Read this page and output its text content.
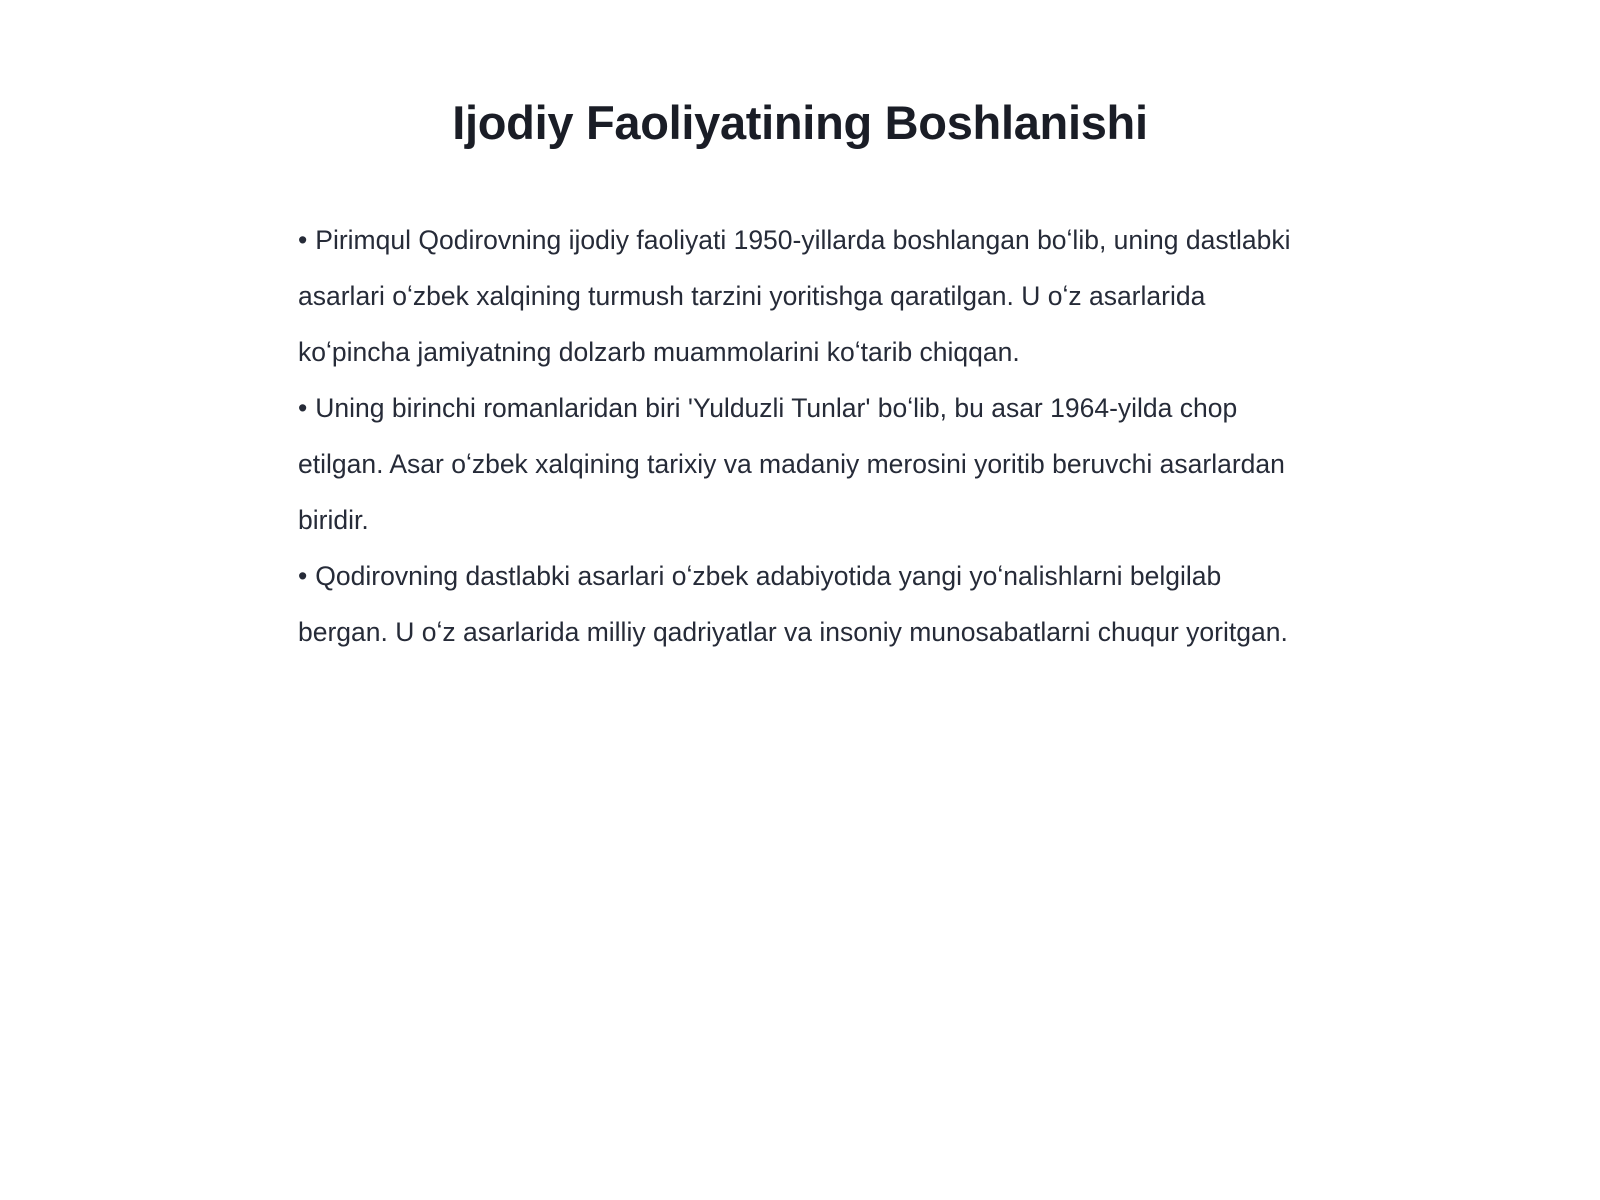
Ijodiy Faoliyatining Boshlanishi
• Pirimqul Qodirovning ijodiy faoliyati 1950-yillarda boshlangan boʻlib, uning dastlabki asarlari oʻzbek xalqining turmush tarzini yoritishga qaratilgan. U oʻz asarlarida koʻpincha jamiyatning dolzarb muammolarini koʻtarib chiqqan.
• Uning birinchi romanlaridan biri 'Yulduzli Tunlar' boʻlib, bu asar 1964-yilda chop etilgan. Asar oʻzbek xalqining tarixiy va madaniy merosini yoritib beruvchi asarlardan biridir.
• Qodirovning dastlabki asarlari oʻzbek adabiyotida yangi yoʻnalishlarni belgilab bergan. U oʻz asarlarida milliy qadriyatlar va insoniy munosabatlarni chuqur yoritgan.
